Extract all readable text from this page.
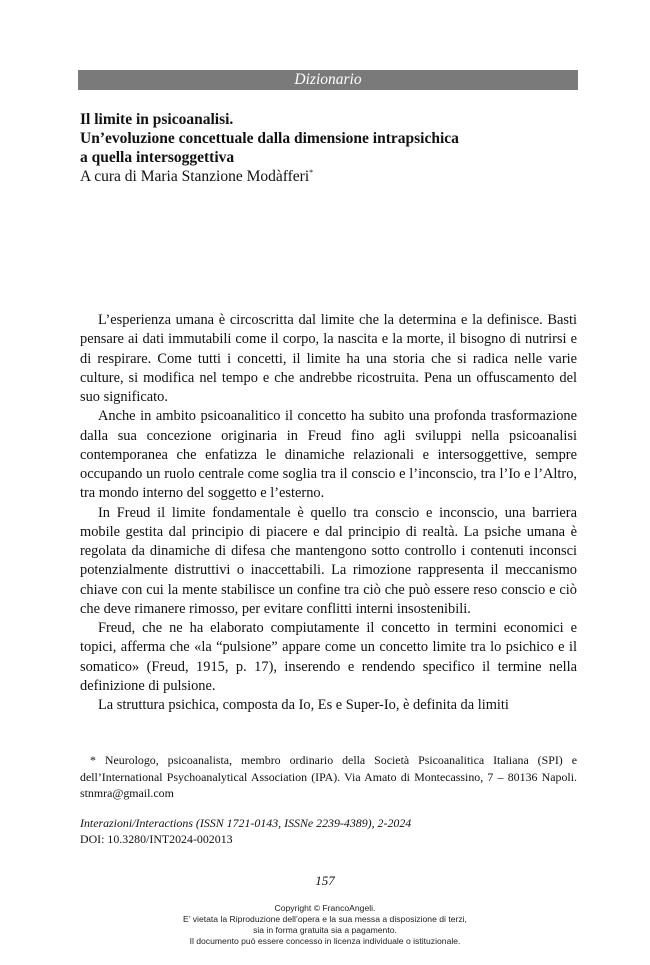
Dizionario
Il limite in psicoanalisi.
Un’evoluzione concettuale dalla dimensione intrapsichica
a quella intersoggettiva
A cura di Maria Stanzione Modàfferi*

L’esperienza umana è circoscritta dal limite che la determina e la definisce. Basti pensare ai dati immutabili come il corpo, la nascita e la morte, il bisogno di nutrirsi e di respirare. Come tutti i concetti, il limite ha una storia che si radica nelle varie culture, si modifica nel tempo e che andrebbe ricostruita. Pena un offuscamento del suo significato.

Anche in ambito psicoanalitico il concetto ha subito una profonda trasformazione dalla sua concezione originaria in Freud fino agli sviluppi nella psicoanalisi contemporanea che enfatizza le dinamiche relazionali e intersoggettive, sempre occupando un ruolo centrale come soglia tra il conscio e l’inconscio, tra l’Io e l’Altro, tra mondo interno del soggetto e l’esterno.

In Freud il limite fondamentale è quello tra conscio e inconscio, una barriera mobile gestita dal principio di piacere e dal principio di realtà. La psiche umana è regolata da dinamiche di difesa che mantengono sotto controllo i contenuti inconsci potenzialmente distruttivi o inaccettabili. La rimozione rappresenta il meccanismo chiave con cui la mente stabilisce un confine tra ciò che può essere reso conscio e ciò che deve rimanere rimosso, per evitare conflitti interni insostenibili.

Freud, che ne ha elaborato compiutamente il concetto in termini economici e topici, afferma che «la “pulsione” appare come un concetto limite tra lo psichico e il somatico» (Freud, 1915, p. 17), inserendo e rendendo specifico il termine nella definizione di pulsione.

La struttura psichica, composta da Io, Es e Super-Io, è definita da limiti

* Neurologo, psicoanalista, membro ordinario della Società Psicoanalitica Italiana (SPI) e dell’International Psychoanalytical Association (IPA). Via Amato di Montecassino, 7 – 80136 Napoli. stnmra@gmail.com

Interazioni/Interactions (ISSN 1721-0143, ISSNe 2239-4389), 2-2024
DOI: 10.3280/INT2024-002013
157
Copyright © FrancoAngeli.
E’ vietata la Riproduzione dell’opera e la sua messa a disposizione di terzi,
sia in forma gratuita sia a pagamento.
Il documento può essere concesso in licenza individuale o istituzionale.
